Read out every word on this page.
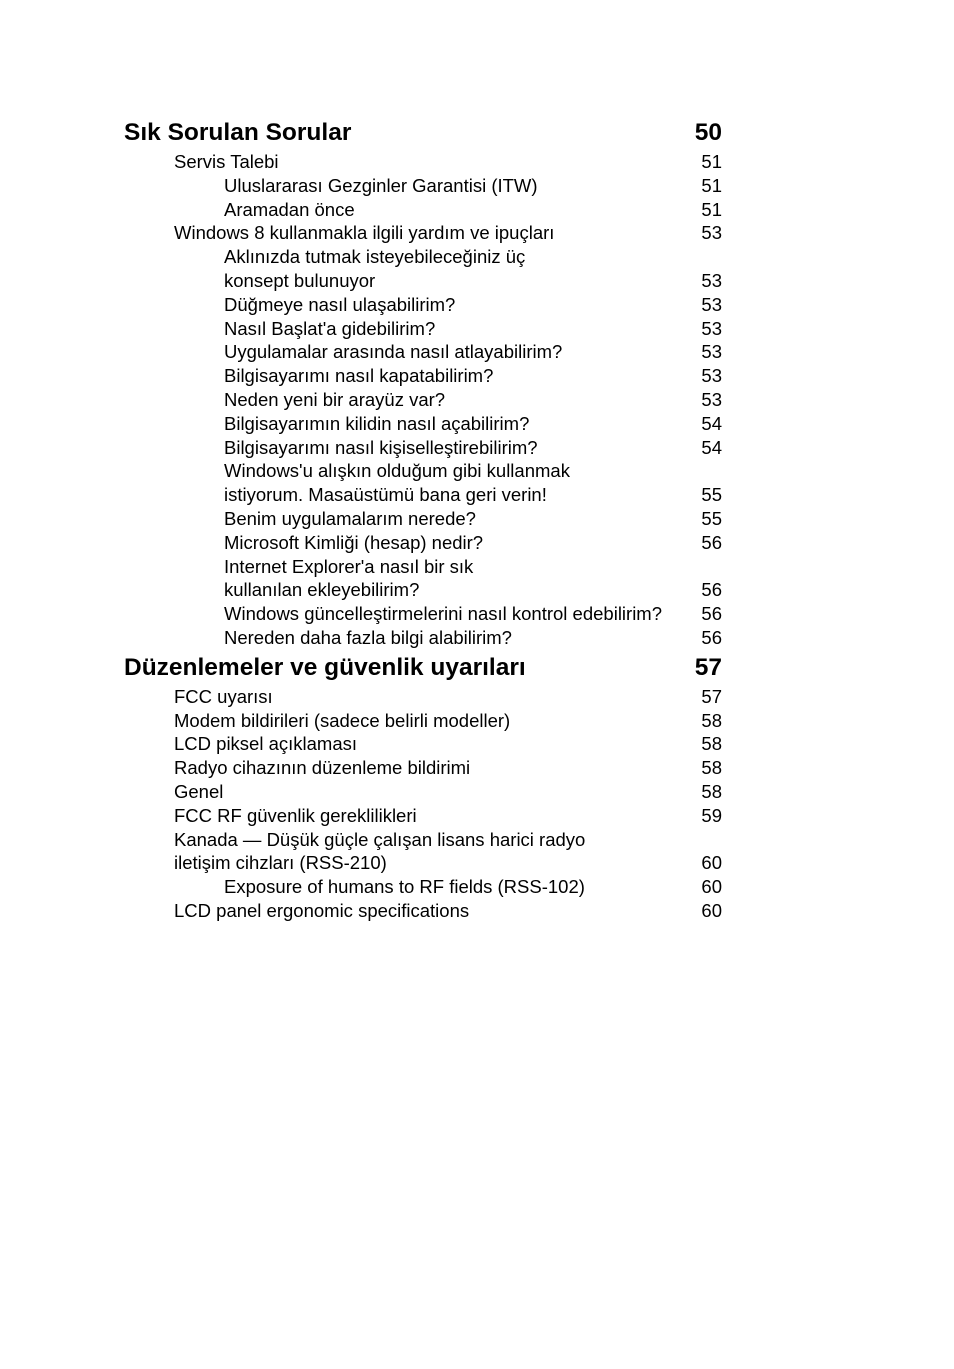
Sık Sorulan Sorular	50
Servis Talebi	51
Uluslararası Gezginler Garantisi (ITW)	51
Aramadan önce	51
Windows 8 kullanmakla ilgili yardım ve ipuçları	53
Aklınızda tutmak isteyebileceğiniz üç
konsept bulunuyor	53
Düğmeye nasıl ulaşabilirim?	53
Nasıl Başlat'a gidebilirim?	53
Uygulamalar arasında nasıl atlayabilirim?	53
Bilgisayarımı nasıl kapatabilirim?	53
Neden yeni bir arayüz var?	53
Bilgisayarımın kilidin nasıl açabilirim?	54
Bilgisayarımı nasıl kişiselleştirebilirim?	54
Windows'u alışkın olduğum gibi kullanmak
istiyorum. Masaüstümü bana geri verin!	55
Benim uygulamalarım nerede?	55
Microsoft Kimliği (hesap) nedir?	56
Internet Explorer'a nasıl bir sık
kullanılan ekleyebilirim?	56
Windows güncelleştirmelerini nasıl kontrol edebilirim?	56
Nereden daha fazla bilgi alabilirim?	56
Düzenlemeler ve güvenlik uyarıları	57
FCC uyarısı	57
Modem bildirileri (sadece belirli modeller)	58
LCD piksel açıklaması	58
Radyo cihazının düzenleme bildirimi	58
Genel	58
FCC RF güvenlik gereklilikleri	59
Kanada — Düşük güçle çalışan lisans harici radyo
iletişim cihzları (RSS-210)	60
Exposure of humans to RF fields (RSS-102)	60
LCD panel ergonomic specifications	60
